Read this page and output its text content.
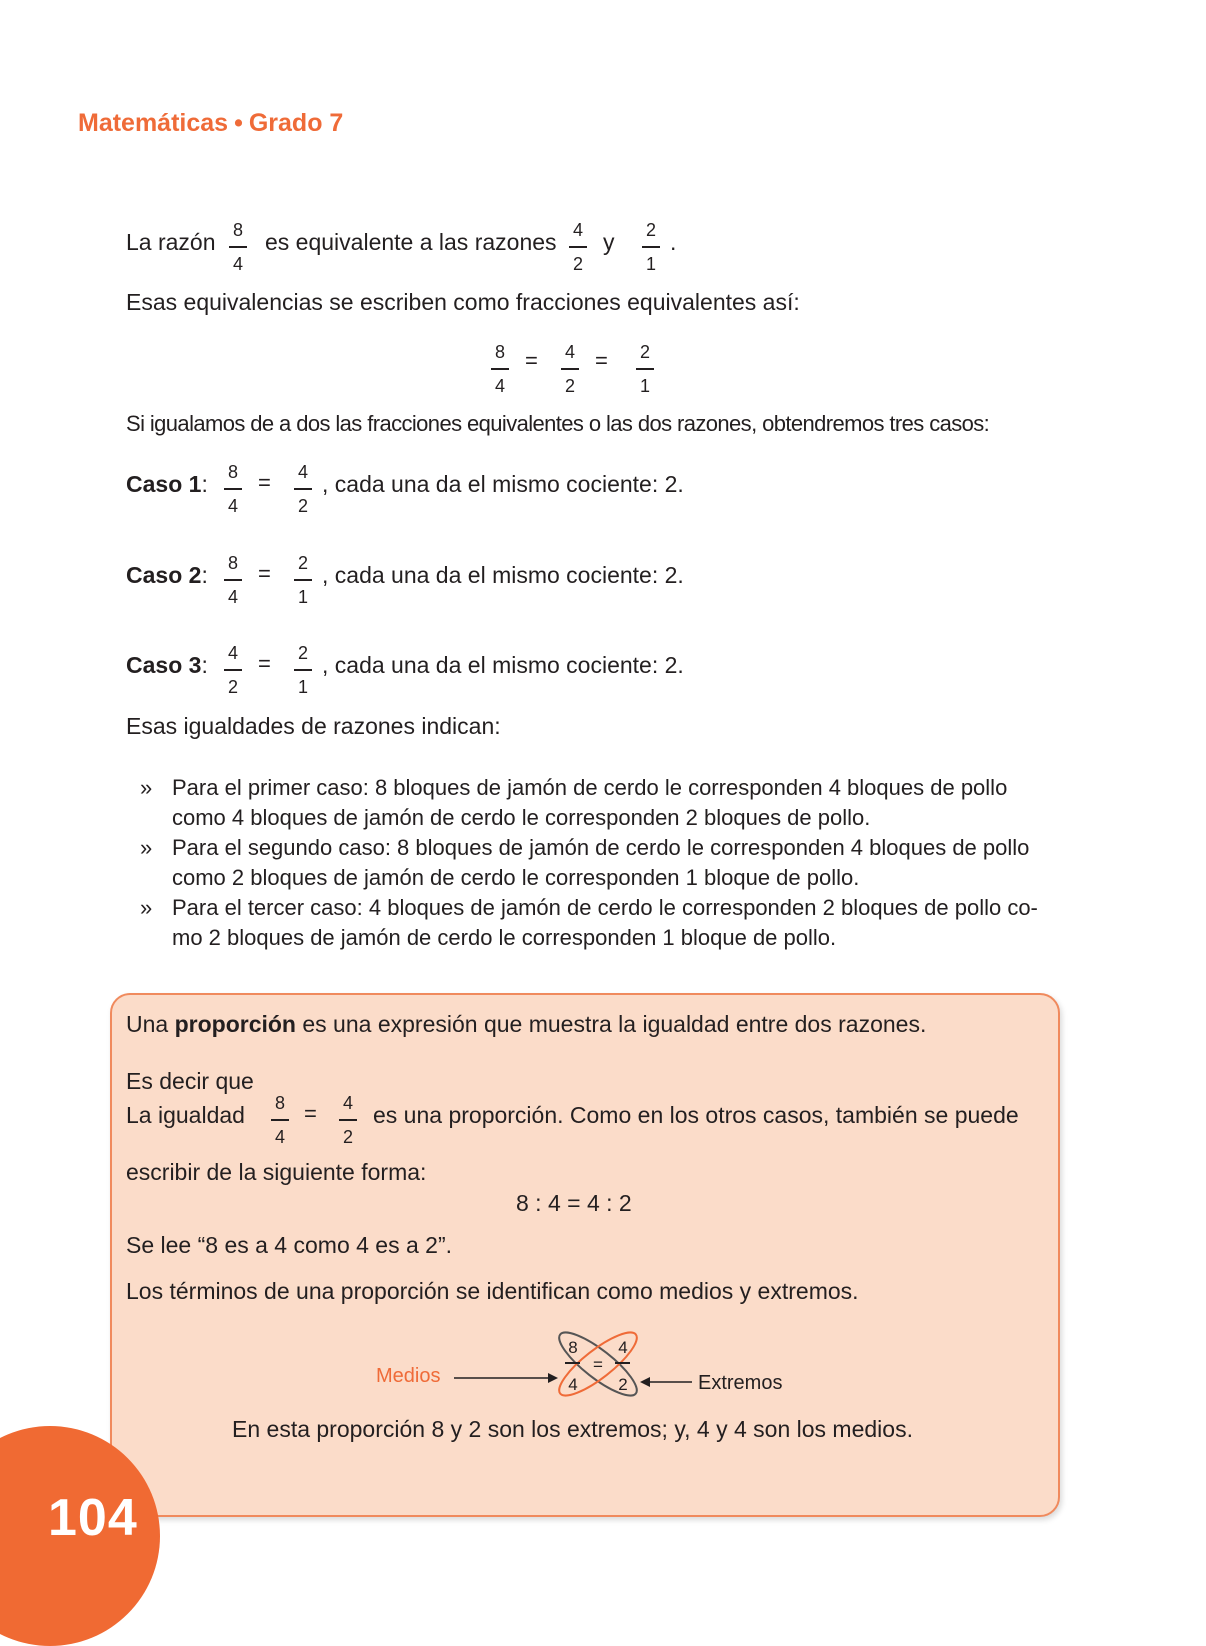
Matemáticas • Grado 7
La razón 8
4
es equivalente a las razones 4
2
y	2
1
.
Esas equivalencias se escriben como fracciones equivalentes así:
8
4
=	4
2
=	2
1
Si igualamos de a dos las fracciones equivalentes o las dos razones, obtendremos tres casos:
Caso 1:	8
4
=	4
2
, cada una da el mismo cociente: 2.
Caso 2:	8
4
=	2
1
, cada una da el mismo cociente: 2.
Caso 3:	4
2
=	2
1
, cada una da el mismo cociente: 2.
Esas igualdades de razones indican:
» Para el primer caso: 8 bloques de jamón de cerdo le corresponden 4 bloques de pollo como 4 bloques de jamón de cerdo le corresponden 2 bloques de pollo.
» Para el segundo caso: 8 bloques de jamón de cerdo le corresponden 4 bloques de pollo como 2 bloques de jamón de cerdo le corresponden 1 bloque de pollo.
» Para el tercer caso: 4 bloques de jamón de cerdo le corresponden 2 bloques de pollo co-mo 2 bloques de jamón de cerdo le corresponden 1 bloque de pollo.
Una proporción es una expresión que muestra la igualdad entre dos razones.
Es decir que
La igualdad	8
4
=	4
2
es una proporción. Como en los otros casos, también se puede
escribir de la siguiente forma:
8 : 4 = 4 : 2
Se lee “8 es a 4 como 4 es a 2”.
Los términos de una proporción se identifican como medios y extremos.
8 4
4 2
=
Medios	Extremos
En esta proporción 8 y 2 son los extremos; y, 4 y 4 son los medios.
104
